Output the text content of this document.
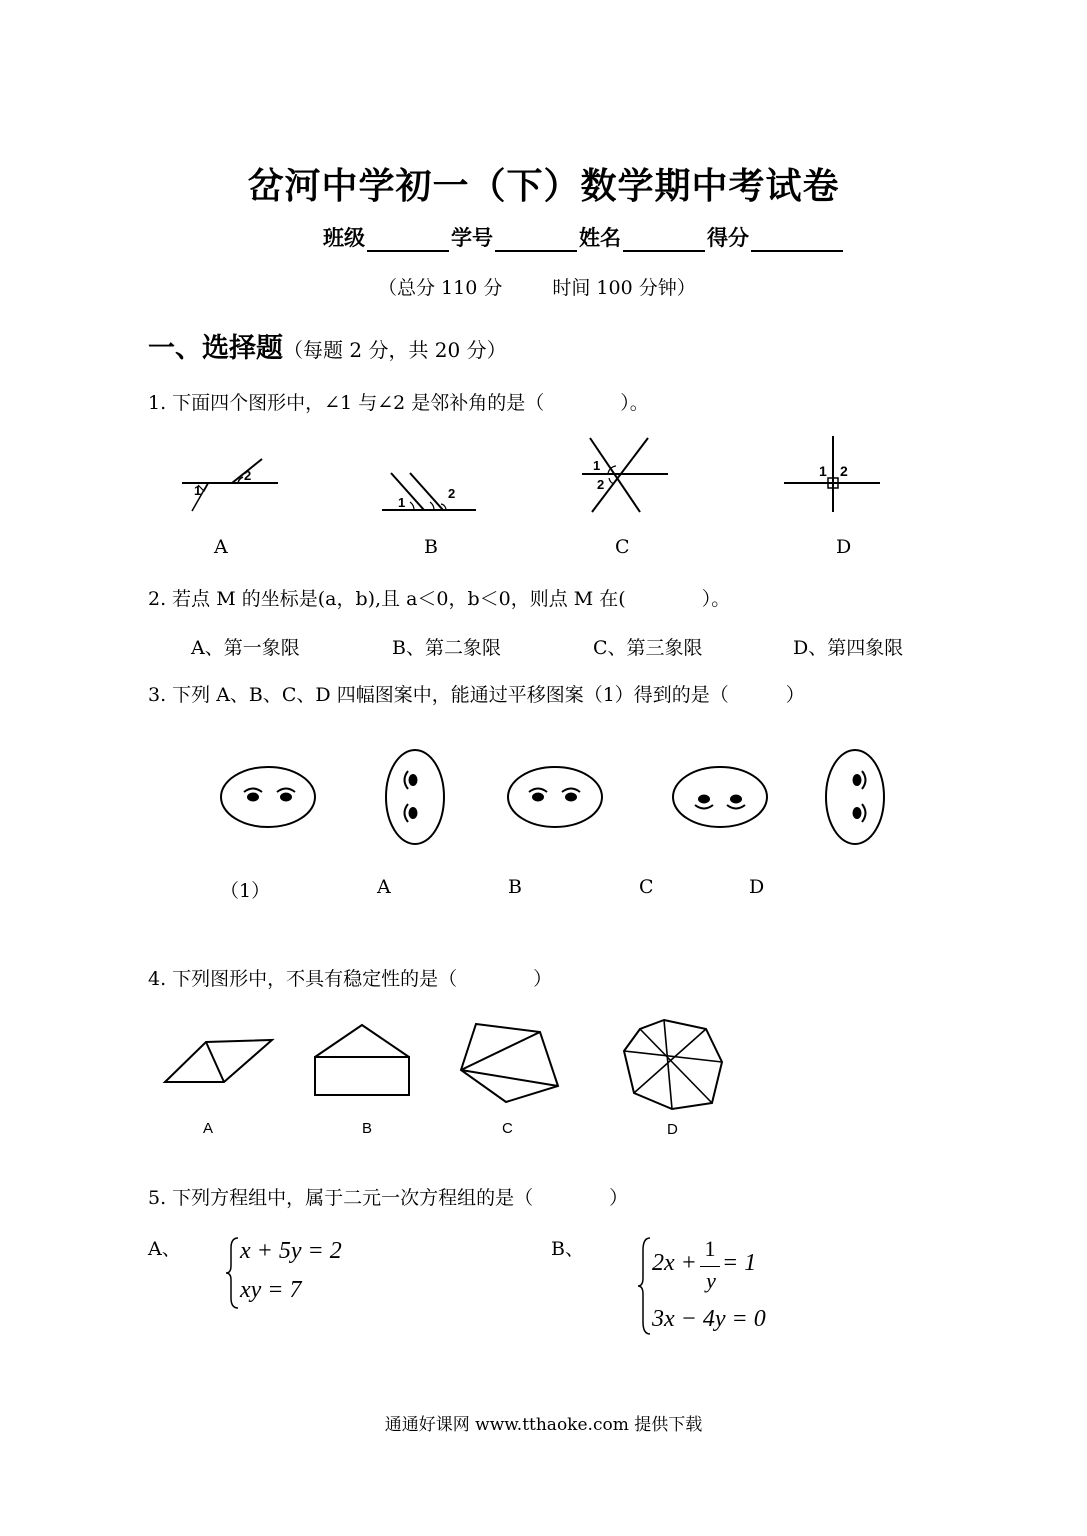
岔河中学初一（下）数学期中考试卷
班级	学号	姓名	得分
（总分 110 分	时间 100 分钟）
一、选择题（每题 2 分，共 20 分）
1. 下面四个图形中，∠1 与∠2 是邻补角的是（　　　　）。
1
2
1
2
1
2
1 2
A	B	C	D
2. 若点 M 的坐标是(a，b),且 a＜0，b＜0，则点 M 在(　　　　）。
A、第一象限	B、第二象限	C、第三象限	D、第四象限
3. 下列 A、B、C、D 四幅图案中，能通过平移图案（1）得到的是（　　　）
（1）	A	B	C	D
4. 下列图形中，不具有稳定性的是（　　　　）
A	B	C	D
5. 下列方程组中，属于二元一次方程组的是（　　　　）
A、 x + 5y = 2
xy = 7
B、
2x +
1
y
= 1
3x − 4y = 0
通通好课网 www.tthaoke.com 提供下载
